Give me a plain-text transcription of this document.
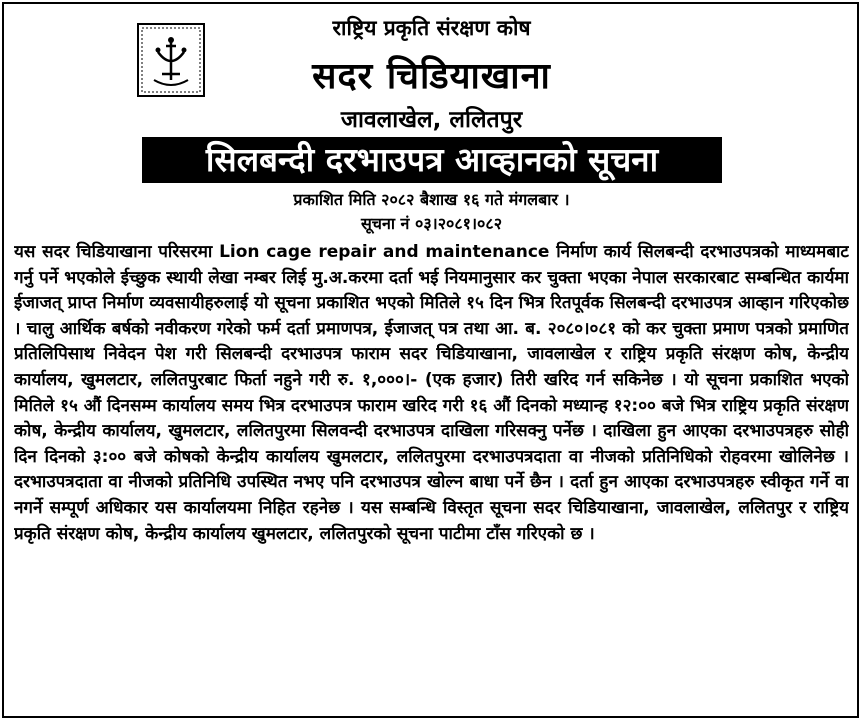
राष्ट्रिय प्रकृति संरक्षण कोष
सदर चिडियाखाना
जावलाखेल, ललितपुर
सिलबन्दी दरभाउपत्र आव्हानको सूचना
प्रकाशित मिति २०८२ बैशाख १६ गते मंगलबार ।
सूचना नं ०३।२०८१।०८२
यस सदर चिडियाखाना परिसरमा Lion cage repair and maintenance निर्माण कार्य सिलबन्दी दरभाउपत्रको माध्यमबाट गर्नु पर्ने भएकोले ईच्छुक स्थायी लेखा नम्बर लिई मु.अ.करमा दर्ता भई नियमानुसार कर चुक्ता भएका नेपाल सरकारबाट सम्बन्धित कार्यमा ईजाजत् प्राप्त निर्माण व्यवसायीहरुलाई यो सूचना प्रकाशित भएको मितिले १५ दिन भित्र रितपूर्वक सिलबन्दी दरभाउपत्र आव्हान गरिएकोछ । चालु आर्थिक बर्षको नवीकरण गरेको फर्म दर्ता प्रमाणपत्र, ईजाजत् पत्र तथा आ. ब. २०८०।०८१ को कर चुक्ता प्रमाण पत्रको प्रमाणित प्रतिलिपिसाथ निवेदन पेश गरी सिलबन्दी दरभाउपत्र फाराम सदर चिडियाखाना, जावलाखेल र राष्ट्रिय प्रकृति संरक्षण कोष, केन्द्रीय कार्यालय, खुमलटार, ललितपुरबाट फिर्ता नहुने गरी रु. १,०००।- (एक हजार) तिरी खरिद गर्न सकिनेछ । यो सूचना प्रकाशित भएको मितिले १५ औं दिनसम्म कार्यालय समय भित्र दरभाउपत्र फाराम खरिद गरी १६ औं दिनको मध्यान्ह १२:०० बजे भित्र राष्ट्रिय प्रकृति संरक्षण कोष, केन्द्रीय कार्यालय, खुमलटार, ललितपुरमा सिलवन्दी दरभाउपत्र दाखिला गरिसक्नु पर्नेछ । दाखिला हुन आएका दरभाउपत्रहरु सोही दिन दिनको ३:०० बजे कोषको केन्द्रीय कार्यालय खुमलटार, ललितपुरमा दरभाउपत्रदाता वा नीजको प्रतिनिधिको रोहवरमा खोलिनेछ । दरभाउपत्रदाता वा नीजको प्रतिनिधि उपस्थित नभए पनि दरभाउपत्र खोल्न बाधा पर्ने छैन । दर्ता हुन आएका दरभाउपत्रहरु स्वीकृत गर्ने वा नगर्ने सम्पूर्ण अधिकार यस कार्यालयमा निहित रहनेछ । यस सम्बन्धि विस्तृत सूचना सदर चिडियाखाना, जावलाखेल, ललितपुर र राष्ट्रिय प्रकृति संरक्षण कोष, केन्द्रीय कार्यालय खुमलटार, ललितपुरको सूचना पाटीमा टाँस गरिएको छ ।
